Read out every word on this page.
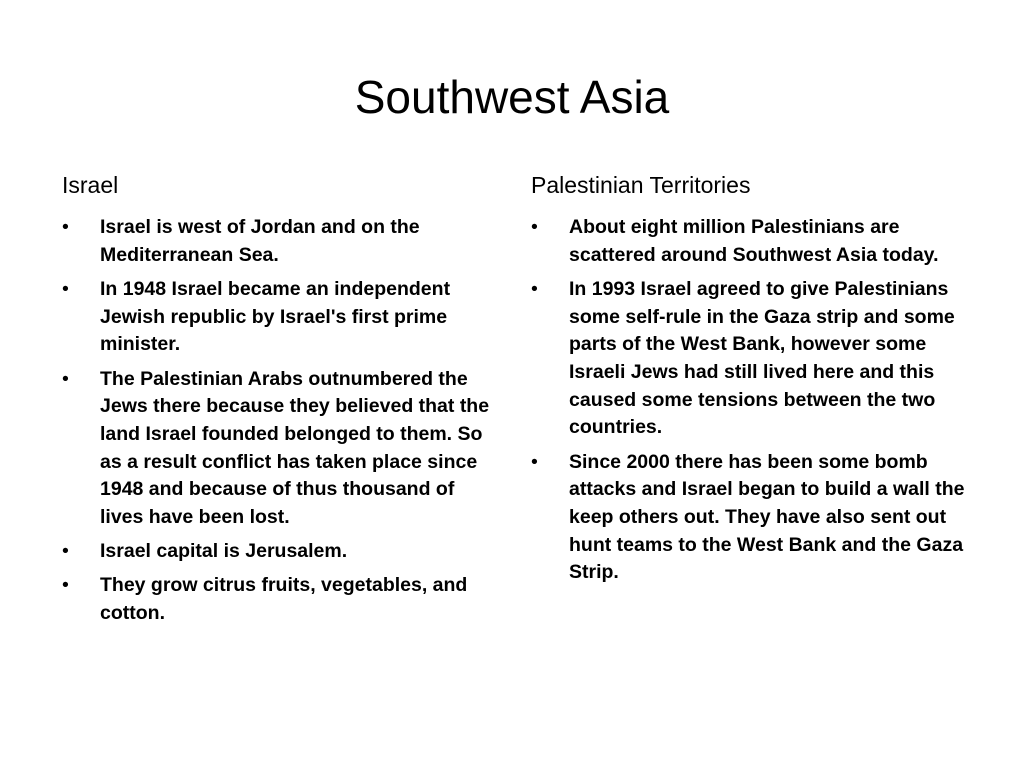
Southwest Asia
Israel
•	Israel is west of Jordan and on the Mediterranean Sea.
•	In 1948 Israel became an independent Jewish republic by Israel's first prime minister.
•	The Palestinian Arabs outnumbered the Jews there because they believed that the land Israel founded belonged to them. So as a result conflict has taken place since 1948 and because of thus thousand of lives have been lost.
•	Israel capital is Jerusalem.
•	They grow citrus fruits, vegetables, and cotton.
Palestinian Territories
•	About eight million Palestinians are scattered around Southwest Asia today.
•	In 1993 Israel agreed to give Palestinians some self-rule in the Gaza strip and some parts of the West Bank, however some Israeli Jews had still lived here and this caused some tensions between the two countries.
•	Since 2000 there has been some bomb attacks and Israel began to build a wall the keep others out. They have also sent out hunt teams to the West Bank and the Gaza Strip.
